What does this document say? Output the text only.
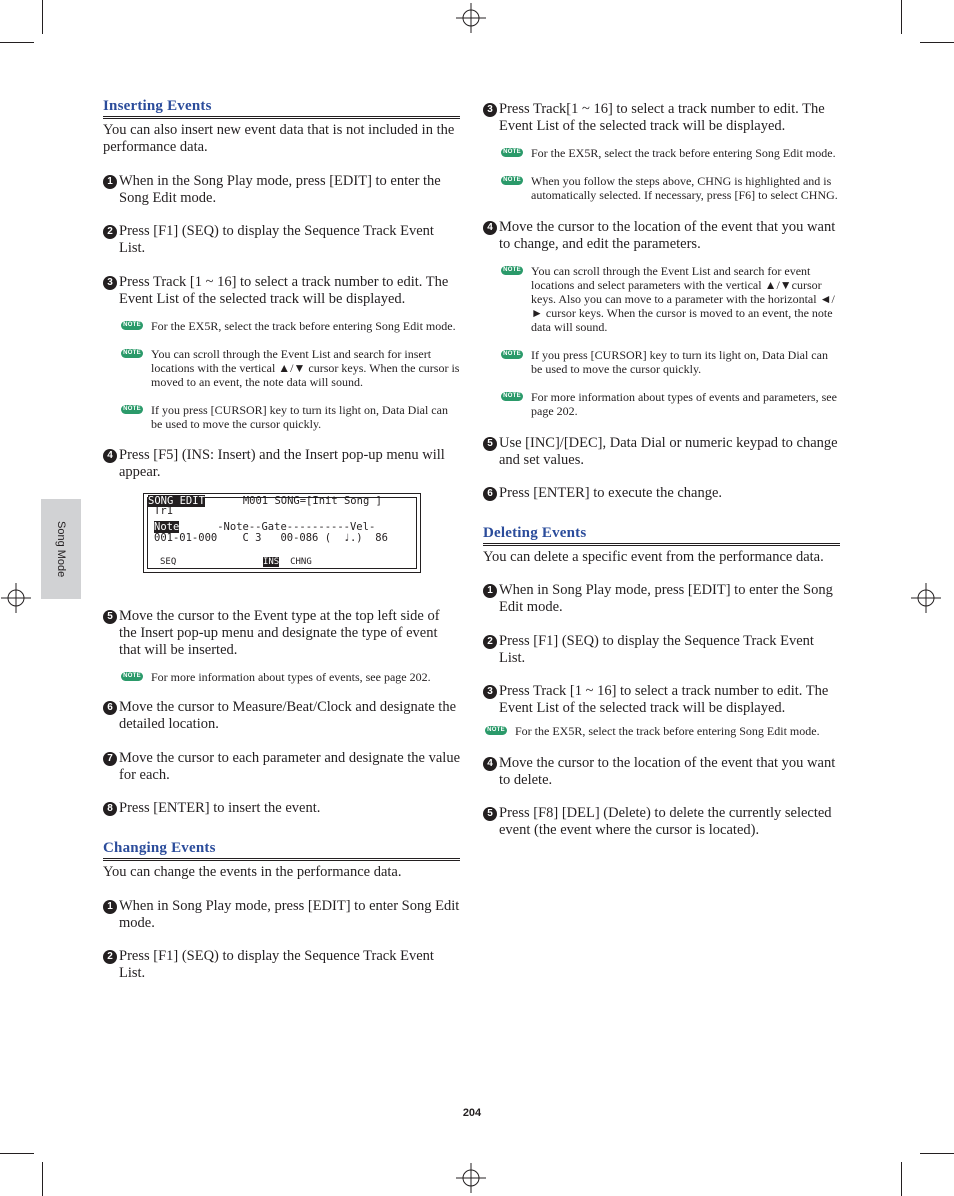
Song Mode
Inserting Events

You can also insert new event data that is not included in the performance data.

1 When in the Song Play mode, press [EDIT] to enter the Song Edit mode.
2 Press [F1] (SEQ) to display the Sequence Track Event List.
3 Press Track [1 ~ 16] to select a track number to edit. The Event List of the selected track will be displayed.
NOTE For the EX5R, select the track before entering Song Edit mode.
NOTE You can scroll through the Event List and search for insert locations with the vertical ▲/▼ cursor keys. When the cursor is moved to an event, the note data will sound.
NOTE If you press [CURSOR] key to turn its light on, Data Dial can be used to move the cursor quickly.
4 Press [F5] (INS: Insert) and the Insert pop-up menu will appear.
SONG EDIT	M001 SONG=[Init Song ]
Tr1
Note	-Note--Gate----------Vel-
001-01-000 C 3 00-086 (  ♩.) 86
SEQ	INS CHNG
5 Move the cursor to the Event type at the top left side of the Insert pop-up menu and designate the type of event that will be inserted.
NOTE For more information about types of events, see page 202.
6 Move the cursor to Measure/Beat/Clock and designate the detailed location.
7 Move the cursor to each parameter and designate the value for each.
8 Press [ENTER] to insert the event.
Changing Events

You can change the events in the performance data.

1 When in Song Play mode, press [EDIT] to enter Song Edit mode.
2 Press [F1] (SEQ) to display the Sequence Track Event List.
3 Press Track[1 ~ 16] to select a track number to edit. The Event List of the selected track will be displayed.
NOTE For the EX5R, select the track before entering Song Edit mode.
NOTE When you follow the steps above, CHNG is highlighted and is automatically selected. If necessary, press [F6] to select CHNG.
4 Move the cursor to the location of the event that you want to change, and edit the parameters.
NOTE You can scroll through the Event List and search for event locations and select parameters with the vertical ▲/▼cursor keys. Also you can move to a parameter with the horizontal ◄/► cursor keys. When the cursor is moved to an event, the note data will sound.
NOTE If you press [CURSOR] key to turn its light on, Data Dial can be used to move the cursor quickly.
NOTE For more information about types of events and parameters, see page 202.
5 Use [INC]/[DEC], Data Dial or numeric keypad to change and set values.
6 Press [ENTER] to execute the change.
Deleting Events

You can delete a specific event from the performance data.

1 When in Song Play mode, press [EDIT] to enter the Song Edit mode.
2 Press [F1] (SEQ) to display the Sequence Track Event List.
3 Press Track [1 ~ 16] to select a track number to edit. The Event List of the selected track will be displayed.
NOTE For the EX5R, select the track before entering Song Edit mode.
4 Move the cursor to the location of the event that you want to delete.
5 Press [F8] [DEL] (Delete) to delete the currently selected event (the event where the cursor is located).
204
